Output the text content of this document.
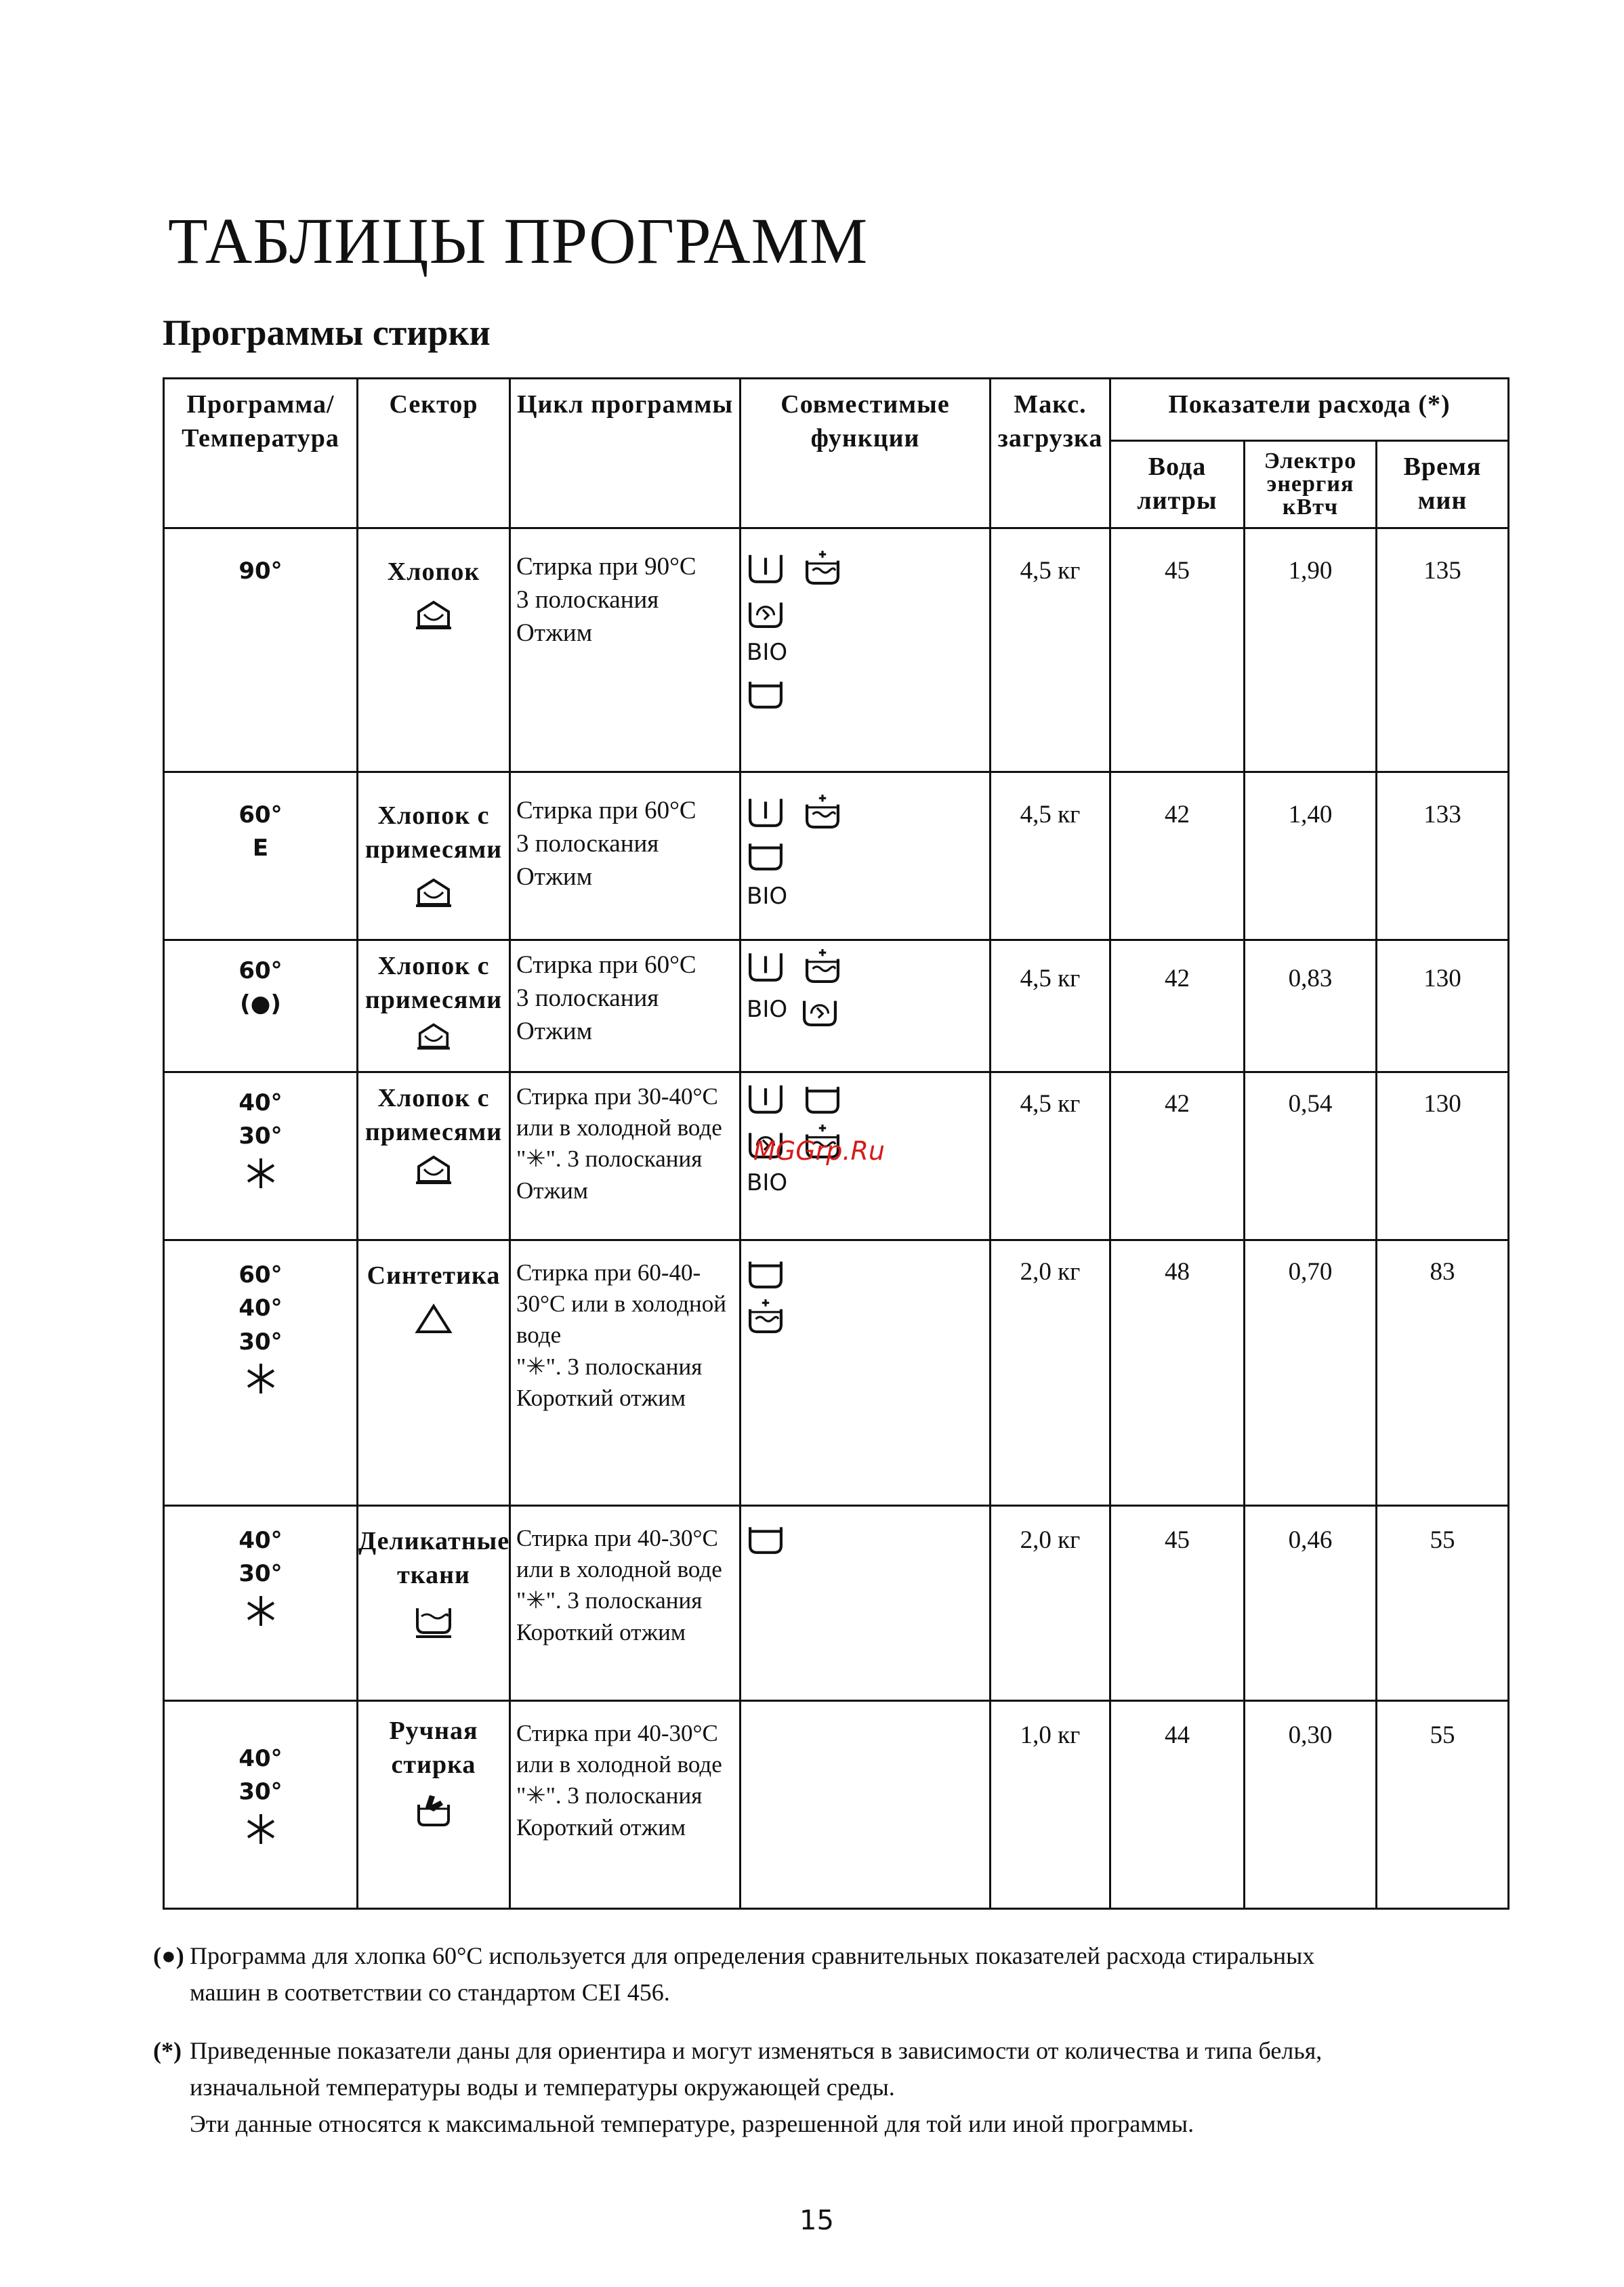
ТАБЛИЦЫ ПРОГРАММ
Программы стирки
Программа/ Температура	Сектор	Цикл программы	Совместимые функции	Макс. загрузка	Показатели расхода (*)		
					Вода литры	Электро энергия кВтч	Время мин

90°	Хлопок	Стирка при 90°C
3 полоскания
Отжим	BIO	4,5 кг	45	1,90	135

60°
E	Хлопок с примесями	Стирка при 60°C
3 полоскания
Отжим	BIO	4,5 кг	42	1,40	133

60°
(●)	Хлопок с примесями	Стирка при 60°C
3 полоскания
Отжим	BIO	4,5 кг	42	0,83	130

40°
30°	Хлопок с примесями	Стирка при 30-40°C или в холодной воде
"✳". 3 полоскания
Отжим	BIO	4,5 кг	42	0,54	130

60°
40°
30°	Синтетика	Стирка при 60-40-30°C или в холодной воде
"✳". 3 полоскания
Короткий отжим		2,0 кг	48	0,70	83

40°
30°	Деликатные ткани	Стирка при 40-30°C или в холодной воде
"✳". 3 полоскания
Короткий отжим		2,0 кг	45	0,46	55

40°
30°	Ручная стирка	Стирка при 40-30°C или в холодной воде
"✳". 3 полоскания
Короткий отжим		1,0 кг	44	0,30	55
MGGrp.Ru
(●) Программа для хлопка 60°C используется для определения сравнительных показателей расхода стиральных
машин в соответствии со стандартом CEI 456.
(*) Приведенные показатели даны для ориентира и могут изменяться в зависимости от количества и типа белья,
изначальной температуры воды и температуры окружающей среды.
Эти данные относятся к максимальной температуре, разрешенной для той или иной программы.
15
